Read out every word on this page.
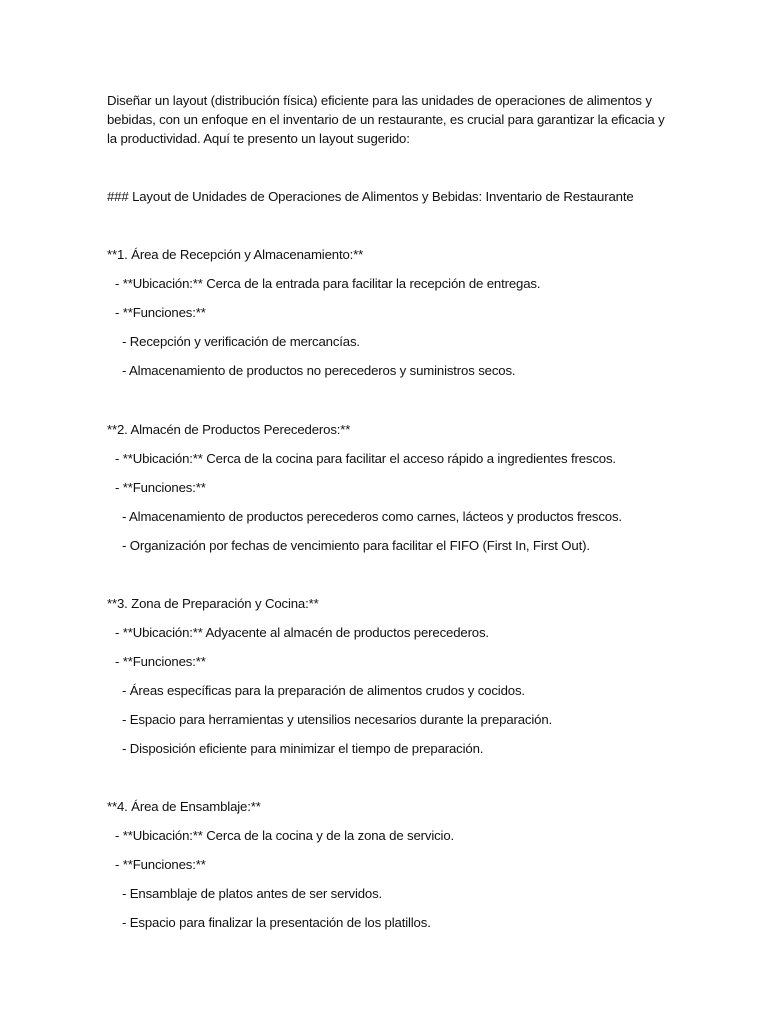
Diseñar un layout (distribución física) eficiente para las unidades de operaciones de alimentos y
bebidas, con un enfoque en el inventario de un restaurante, es crucial para garantizar la eficacia y
la productividad. Aquí te presento un layout sugerido:
### Layout de Unidades de Operaciones de Alimentos y Bebidas: Inventario de Restaurante
**1. Área de Recepción y Almacenamiento:**
- **Ubicación:** Cerca de la entrada para facilitar la recepción de entregas.
- **Funciones:**
- Recepción y verificación de mercancías.
- Almacenamiento de productos no perecederos y suministros secos.
**2. Almacén de Productos Perecederos:**
- **Ubicación:** Cerca de la cocina para facilitar el acceso rápido a ingredientes frescos.
- **Funciones:**
- Almacenamiento de productos perecederos como carnes, lácteos y productos frescos.
- Organización por fechas de vencimiento para facilitar el FIFO (First In, First Out).
**3. Zona de Preparación y Cocina:**
- **Ubicación:** Adyacente al almacén de productos perecederos.
- **Funciones:**
- Áreas específicas para la preparación de alimentos crudos y cocidos.
- Espacio para herramientas y utensilios necesarios durante la preparación.
- Disposición eficiente para minimizar el tiempo de preparación.
**4. Área de Ensamblaje:**
- **Ubicación:** Cerca de la cocina y de la zona de servicio.
- **Funciones:**
- Ensamblaje de platos antes de ser servidos.
- Espacio para finalizar la presentación de los platillos.
